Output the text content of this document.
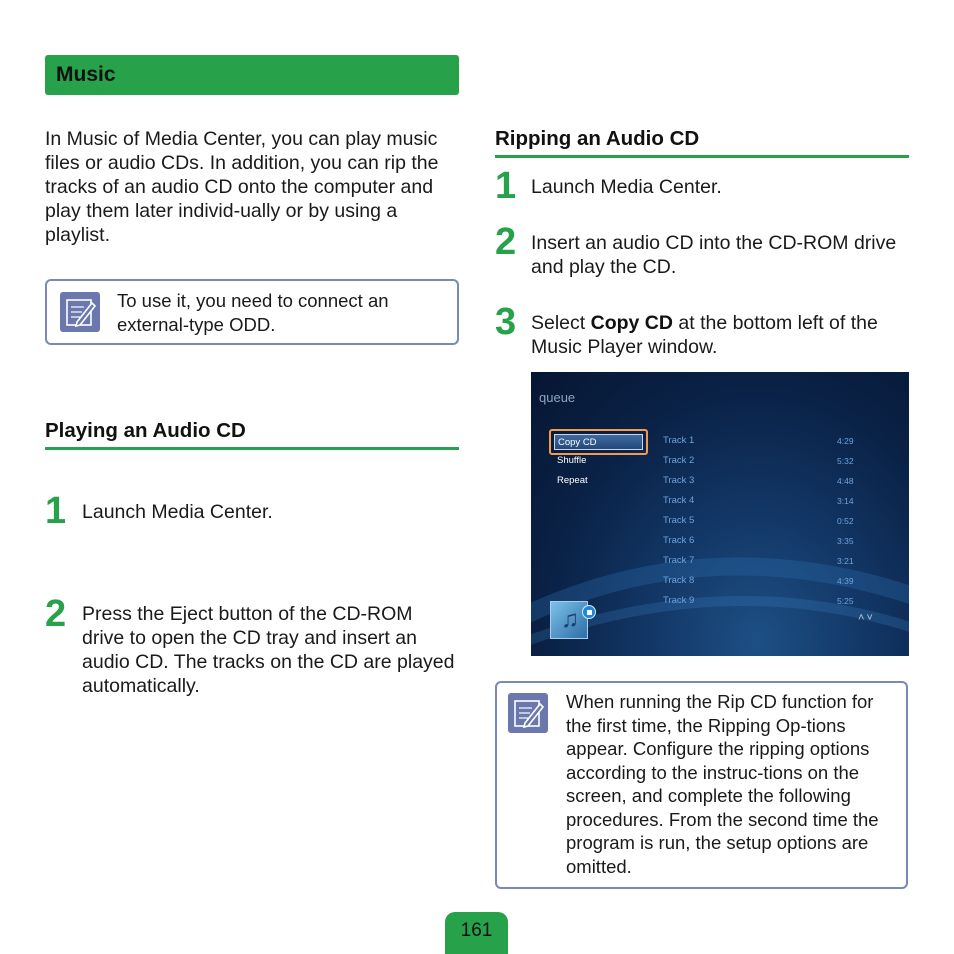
Music
In Music of Media Center, you can play music files or audio CDs. In addition, you can rip the tracks of an audio CD onto the computer and play them later individ-ually or by using a playlist.
To use it, you need to connect an external-type ODD.
Playing an Audio CD
1 Launch Media Center.
2 Press the Eject button of the CD-ROM drive to open the CD tray and insert an audio CD. The tracks on the CD are played automatically.
Ripping an Audio CD
1 Launch Media Center.
2 Insert an audio CD into the CD-ROM drive and play the CD.
3 Select Copy CD at the bottom left of the Music Player window.
queue
Copy CD
Shuffle
Repeat
Track 1	4:29
Track 2	5:32
Track 3	4:48
Track 4	3:14
Track 5	0:52
Track 6	3:35
Track 7	3:21
Track 8	4:39
Track 9	5:25
˄˅
♫
When running the Rip CD function for the first time, the Ripping Op-tions appear. Configure the ripping options according to the instruc-tions on the screen, and complete the following procedures. From the second time the program is run, the setup options are omitted.
161
